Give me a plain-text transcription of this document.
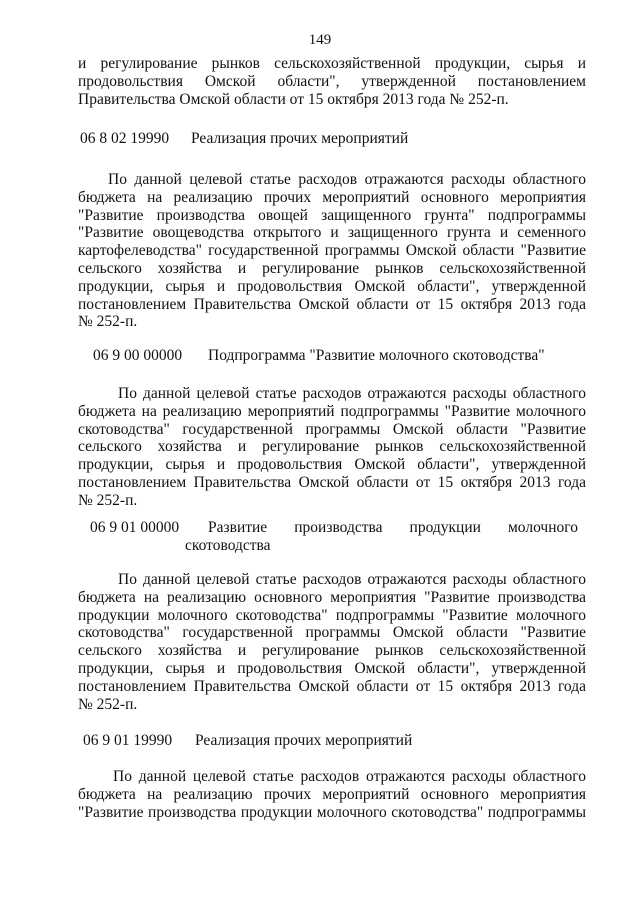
149
и регулирование рынков сельскохозяйственной продукции, сырья и
продовольствия Омской области", утвержденной постановлением
Правительства Омской области от 15 октября 2013 года № 252-п.
06 8 02 19990 Реализация прочих мероприятий
По данной целевой статье расходов отражаются расходы областного
бюджета на реализацию прочих мероприятий основного мероприятия
"Развитие производства овощей защищенного грунта" подпрограммы
"Развитие овощеводства открытого и защищенного грунта и семенного
картофелеводства" государственной программы Омской области "Развитие
сельского хозяйства и регулирование рынков сельскохозяйственной
продукции, сырья и продовольствия Омской области", утвержденной
постановлением Правительства Омской области от 15 октября 2013 года
№ 252-п.
06 9 00 00000 Подпрограмма "Развитие молочного скотоводства"
По данной целевой статье расходов отражаются расходы областного
бюджета на реализацию мероприятий подпрограммы "Развитие молочного
скотоводства" государственной программы Омской области "Развитие
сельского хозяйства и регулирование рынков сельскохозяйственной
продукции, сырья и продовольствия Омской области", утвержденной
постановлением Правительства Омской области от 15 октября 2013 года
№ 252-п.
06 9 01 00000 Развитие производства продукции молочного
скотоводства
По данной целевой статье расходов отражаются расходы областного
бюджета на реализацию основного мероприятия "Развитие производства
продукции молочного скотоводства" подпрограммы "Развитие молочного
скотоводства" государственной программы Омской области "Развитие
сельского хозяйства и регулирование рынков сельскохозяйственной
продукции, сырья и продовольствия Омской области", утвержденной
постановлением Правительства Омской области от 15 октября 2013 года
№ 252-п.
06 9 01 19990 Реализация прочих мероприятий
По данной целевой статье расходов отражаются расходы областного
бюджета на реализацию прочих мероприятий основного мероприятия
"Развитие производства продукции молочного скотоводства" подпрограммы
